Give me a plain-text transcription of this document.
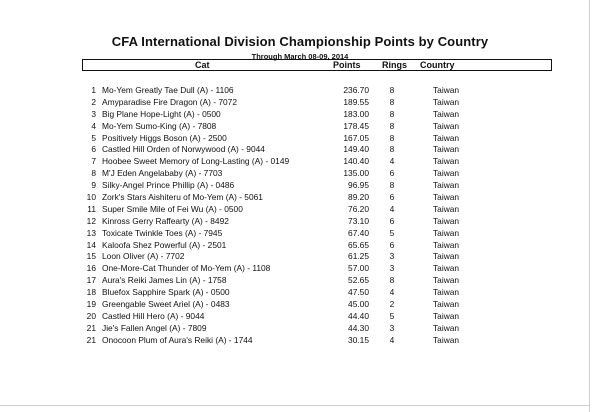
CFA International Division Championship Points by Country
Through March 08-09, 2014
Cat	Points Rings Country
1 Mo-Yem Greatly Tae Dull (A) - 1106	236.70 8	Taiwan
2 Amyparadise Fire Dragon (A) - 7072	189.55 8	Taiwan
3 Big Plane Hope-Light (A) - 0500	183.00 8	Taiwan
4 Mo-Yem Sumo-King (A) - 7808	178.45 8	Taiwan
5 Positively Higgs Boson (A) - 2500	167.05 8	Taiwan
6 Castled Hill Orden of Norwywood (A) - 9044	149.40 8	Taiwan
7 Hoobee Sweet Memory of Long-Lasting (A) - 0149	140.40 4	Taiwan
8 M'J Eden Angelababy (A) - 7703	135.00 6	Taiwan
9 Silky-Angel Prince Phillip (A) - 0486	96.95 8	Taiwan
10 Zork's Stars Aishiteru of Mo-Yem (A) - 5061	89.20 6	Taiwan
11 Super Smile Mile of Fei Wu (A) - 0500	76.20 4	Taiwan
12 Kinross Gerry Raffearty (A) - 8492	73.10 6	Taiwan
13 Toxicate Twinkle Toes (A) - 7945	67.40 5	Taiwan
14 Kaloofa Shez Powerful (A) - 2501	65.65 6	Taiwan
15 Loon Oliver (A) - 7702	61.25 3	Taiwan
16 One-More-Cat Thunder of Mo-Yem (A) - 1108	57.00 3	Taiwan
17 Aura's Reiki James Lin (A) - 1758	52.65 8	Taiwan
18 Bluefox Sapphire Spark (A) - 0500	47.50 4	Taiwan
19 Greengable Sweet Ariel (A) - 0483	45.00 2	Taiwan
20 Castled Hill Hero (A) - 9044	44.40 5	Taiwan
21 Jie's Fallen Angel (A) - 7809	44.30 3	Taiwan
21 Onocoon Plum of Aura's Reiki (A) - 1744	30.15 4	Taiwan
